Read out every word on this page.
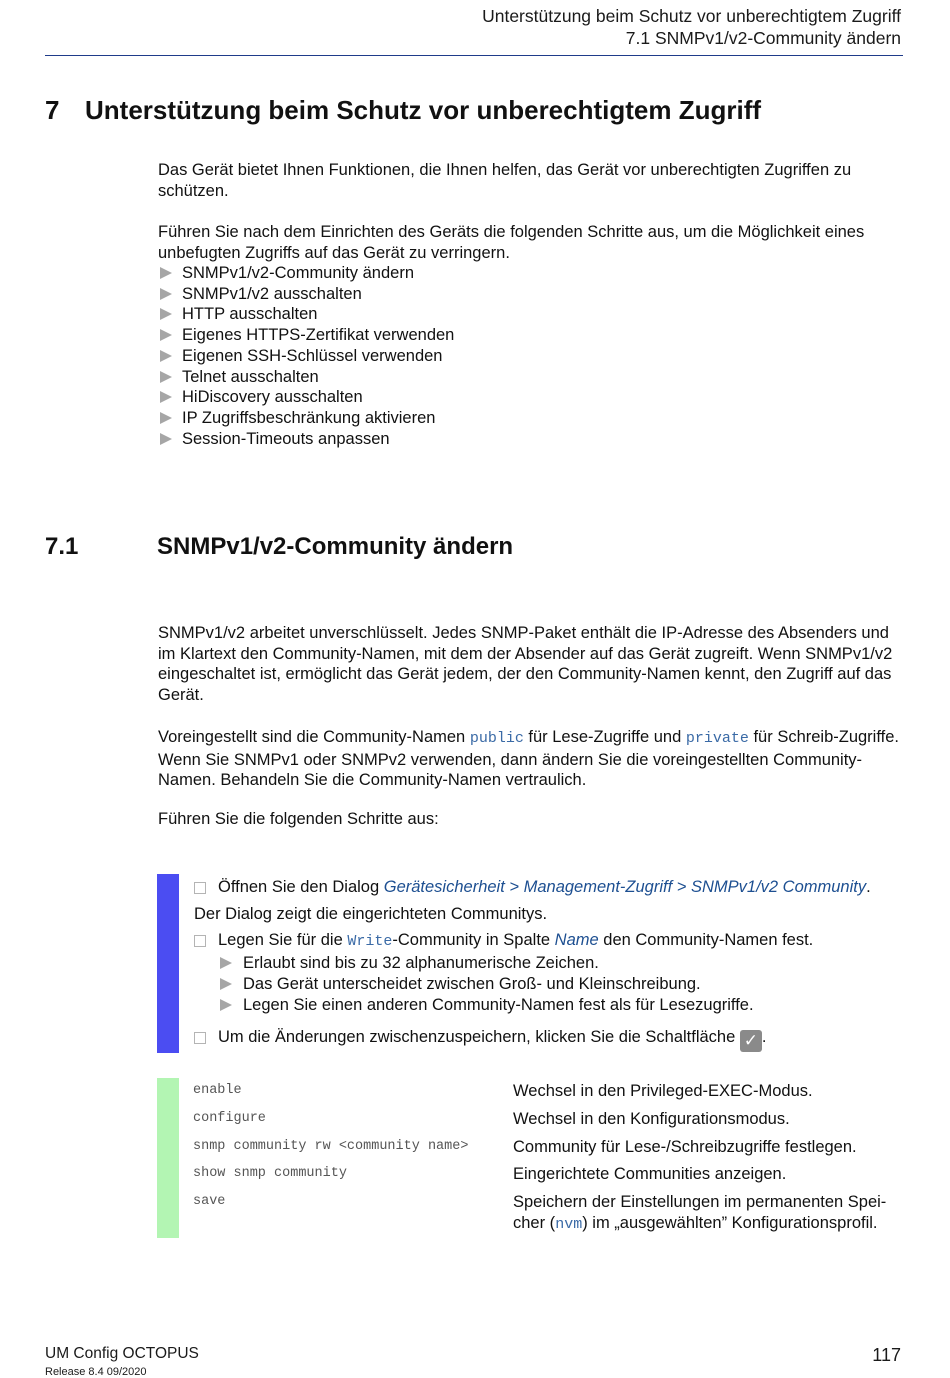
Unterstützung beim Schutz vor unberechtigtem Zugriff
7.1 SNMPv1/v2-Community ändern
7 Unterstützung beim Schutz vor unberechtigtem Zugriff

Das Gerät bietet Ihnen Funktionen, die Ihnen helfen, das Gerät vor unberechtigten Zugriffen zu schützen.

Führen Sie nach dem Einrichten des Geräts die folgenden Schritte aus, um die Möglichkeit eines unbefugten Zugriffs auf das Gerät zu verringern.

SNMPv1/v2-Community ändern
SNMPv1/v2 ausschalten
HTTP ausschalten
Eigenes HTTPS-Zertifikat verwenden
Eigenen SSH-Schlüssel verwenden
Telnet ausschalten
HiDiscovery ausschalten
IP Zugriffsbeschränkung aktivieren
Session-Timeouts anpassen
7.1	SNMPv1/v2-Community ändern

SNMPv1/v2 arbeitet unverschlüsselt. Jedes SNMP-Paket enthält die IP-Adresse des Absenders und im Klartext den Community-Namen, mit dem der Absender auf das Gerät zugreift. Wenn SNMPv1/v2 eingeschaltet ist, ermöglicht das Gerät jedem, der den Community-Namen kennt, den Zugriff auf das Gerät.

Voreingestellt sind die Community-Namen public für Lese-Zugriffe und private für Schreib-Zugriffe. Wenn Sie SNMPv1 oder SNMPv2 verwenden, dann ändern Sie die voreingestellten Community-Namen. Behandeln Sie die Community-Namen vertraulich.

Führen Sie die folgenden Schritte aus:

Öffnen Sie den Dialog Gerätesicherheit > Management-Zugriff > SNMPv1/v2 Community.
Der Dialog zeigt die eingerichteten Communitys.
Legen Sie für die Write-Community in Spalte Name den Community-Namen fest.
Erlaubt sind bis zu 32 alphanumerische Zeichen.
Das Gerät unterscheidet zwischen Groß- und Kleinschreibung.
Legen Sie einen anderen Community-Namen fest als für Lesezugriffe.
Um die Änderungen zwischenzuspeichern, klicken Sie die Schaltfläche ✓ .
enable	Wechsel in den Privileged-EXEC-Modus.
configure	Wechsel in den Konfigurationsmodus.
snmp community rw <community name>	Community für Lese-/Schreibzugriffe festlegen.
show snmp community	Eingerichtete Communities anzeigen.
save	Speichern der Einstellungen im permanenten Spei-cher (nvm) im „ausgewählten” Konfigurationsprofil.
UM Config OCTOPUS
Release 8.4 09/2020
117
